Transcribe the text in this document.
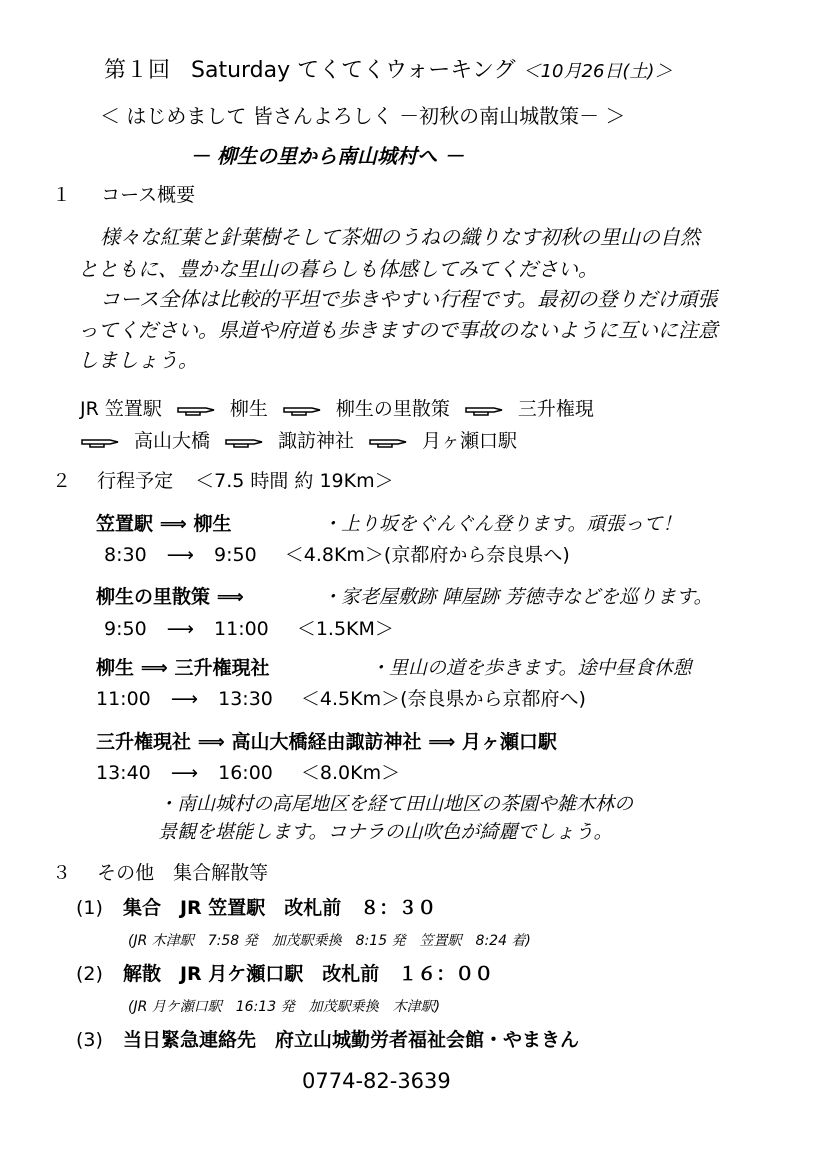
第１回 Saturday てくてくウォーキング ＜10月26日(土)＞
＜ はじめまして 皆さんよろしく －初秋の南山城散策－ ＞
－ 柳生の里から南山城村へ －
１ コース概要
様々な紅葉と針葉樹そして茶畑のうねの織りなす初秋の里山の自然
とともに、豊かな里山の暮らしも体感してみてください。
コース全体は比較的平坦で歩きやすい行程です。最初の登りだけ頑張
ってください。県道や府道も歩きますので事故のないように互いに注意
しましょう。
JR 笠置駅	柳生	柳生の里散策	三升権現
高山大橋	諏訪神社	月ヶ瀬口駅
２ 行程予定 ＜7.5 時間 約 19Km＞
笠置駅 ⟹ 柳生	・上り坂をぐんぐん登ります。頑張って！
8:30 ⟶ 9:50 ＜4.8Km＞(京都府から奈良県へ)
柳生の里散策 ⟹	・家老屋敷跡 陣屋跡 芳徳寺などを巡ります。
9:50 ⟶ 11:00 ＜1.5KM＞
柳生 ⟹ 三升権現社	・里山の道を歩きます。途中昼食休憩
11:00 ⟶ 13:30 ＜4.5Km＞(奈良県から京都府へ)
三升権現社 ⟹ 高山大橋経由諏訪神社 ⟹ 月ヶ瀬口駅
13:40 ⟶ 16:00 ＜8.0Km＞
・南山城村の高尾地区を経て田山地区の茶園や雑木林の
景観を堪能します。コナラの山吹色が綺麗でしょう。
３ その他　集合解散等
(1) 集合　JR 笠置駅　改札前　８：３０
(JR 木津駅　7:58 発　加茂駅乗換　8:15 発　笠置駅　8:24 着)
(2) 解散　JR 月ケ瀬口駅　改札前　１６：００
(JR 月ケ瀬口駅　16:13 発　加茂駅乗換　木津駅)
(3) 当日緊急連絡先　府立山城勤労者福祉会館・やまきん
0774-82-3639
